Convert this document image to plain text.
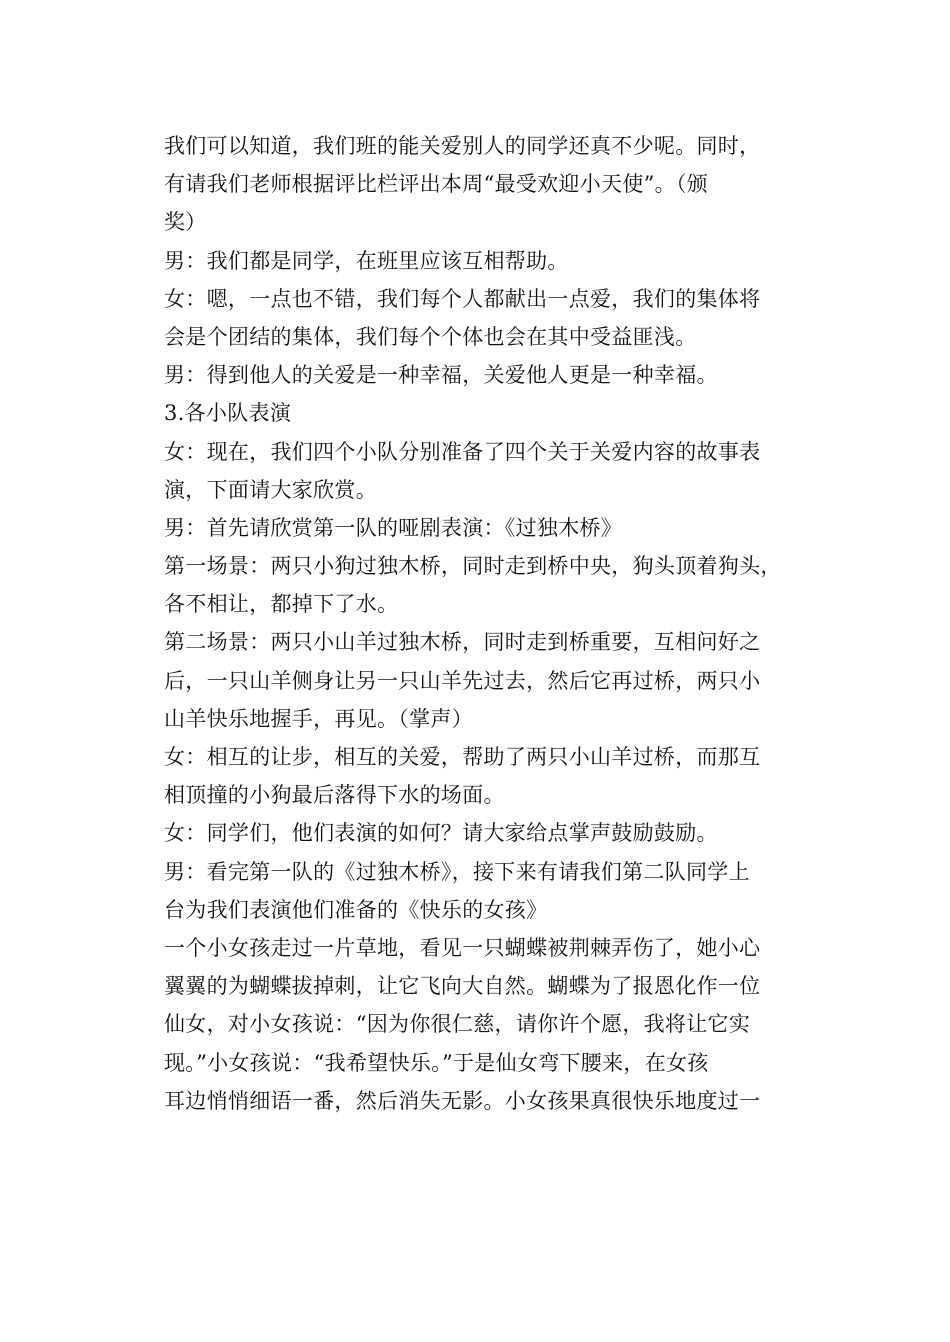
我们可以知道，我们班的能关爱别人的同学还真不少呢。同时，
有请我们老师根据评比栏评出本周“最受欢迎小天使”。（颁
奖）
男：我们都是同学，在班里应该互相帮助。
女：嗯，一点也不错，我们每个人都献出一点爱，我们的集体将
会是个团结的集体，我们每个个体也会在其中受益匪浅。
男：得到他人的关爱是一种幸福，关爱他人更是一种幸福。
3.各小队表演
女：现在，我们四个小队分别准备了四个关于关爱内容的故事表
演，下面请大家欣赏。
男：首先请欣赏第一队的哑剧表演：《过独木桥》
第一场景：两只小狗过独木桥，同时走到桥中央，狗头顶着狗头，
各不相让，都掉下了水。
第二场景：两只小山羊过独木桥，同时走到桥重要，互相问好之
后，一只山羊侧身让另一只山羊先过去，然后它再过桥，两只小
山羊快乐地握手，再见。（掌声）
女：相互的让步，相互的关爱，帮助了两只小山羊过桥，而那互
相顶撞的小狗最后落得下水的场面。
女：同学们，他们表演的如何？请大家给点掌声鼓励鼓励。
男：看完第一队的《过独木桥》，接下来有请我们第二队同学上
台为我们表演他们准备的《快乐的女孩》
一个小女孩走过一片草地，看见一只蝴蝶被荆棘弄伤了，她小心
翼翼的为蝴蝶拔掉刺，让它飞向大自然。蝴蝶为了报恩化作一位
仙女，对小女孩说：“因为你很仁慈，请你许个愿，我将让它实
现。”小女孩说：“我希望快乐。”于是仙女弯下腰来，在女孩
耳边悄悄细语一番，然后消失无影。小女孩果真很快乐地度过一
